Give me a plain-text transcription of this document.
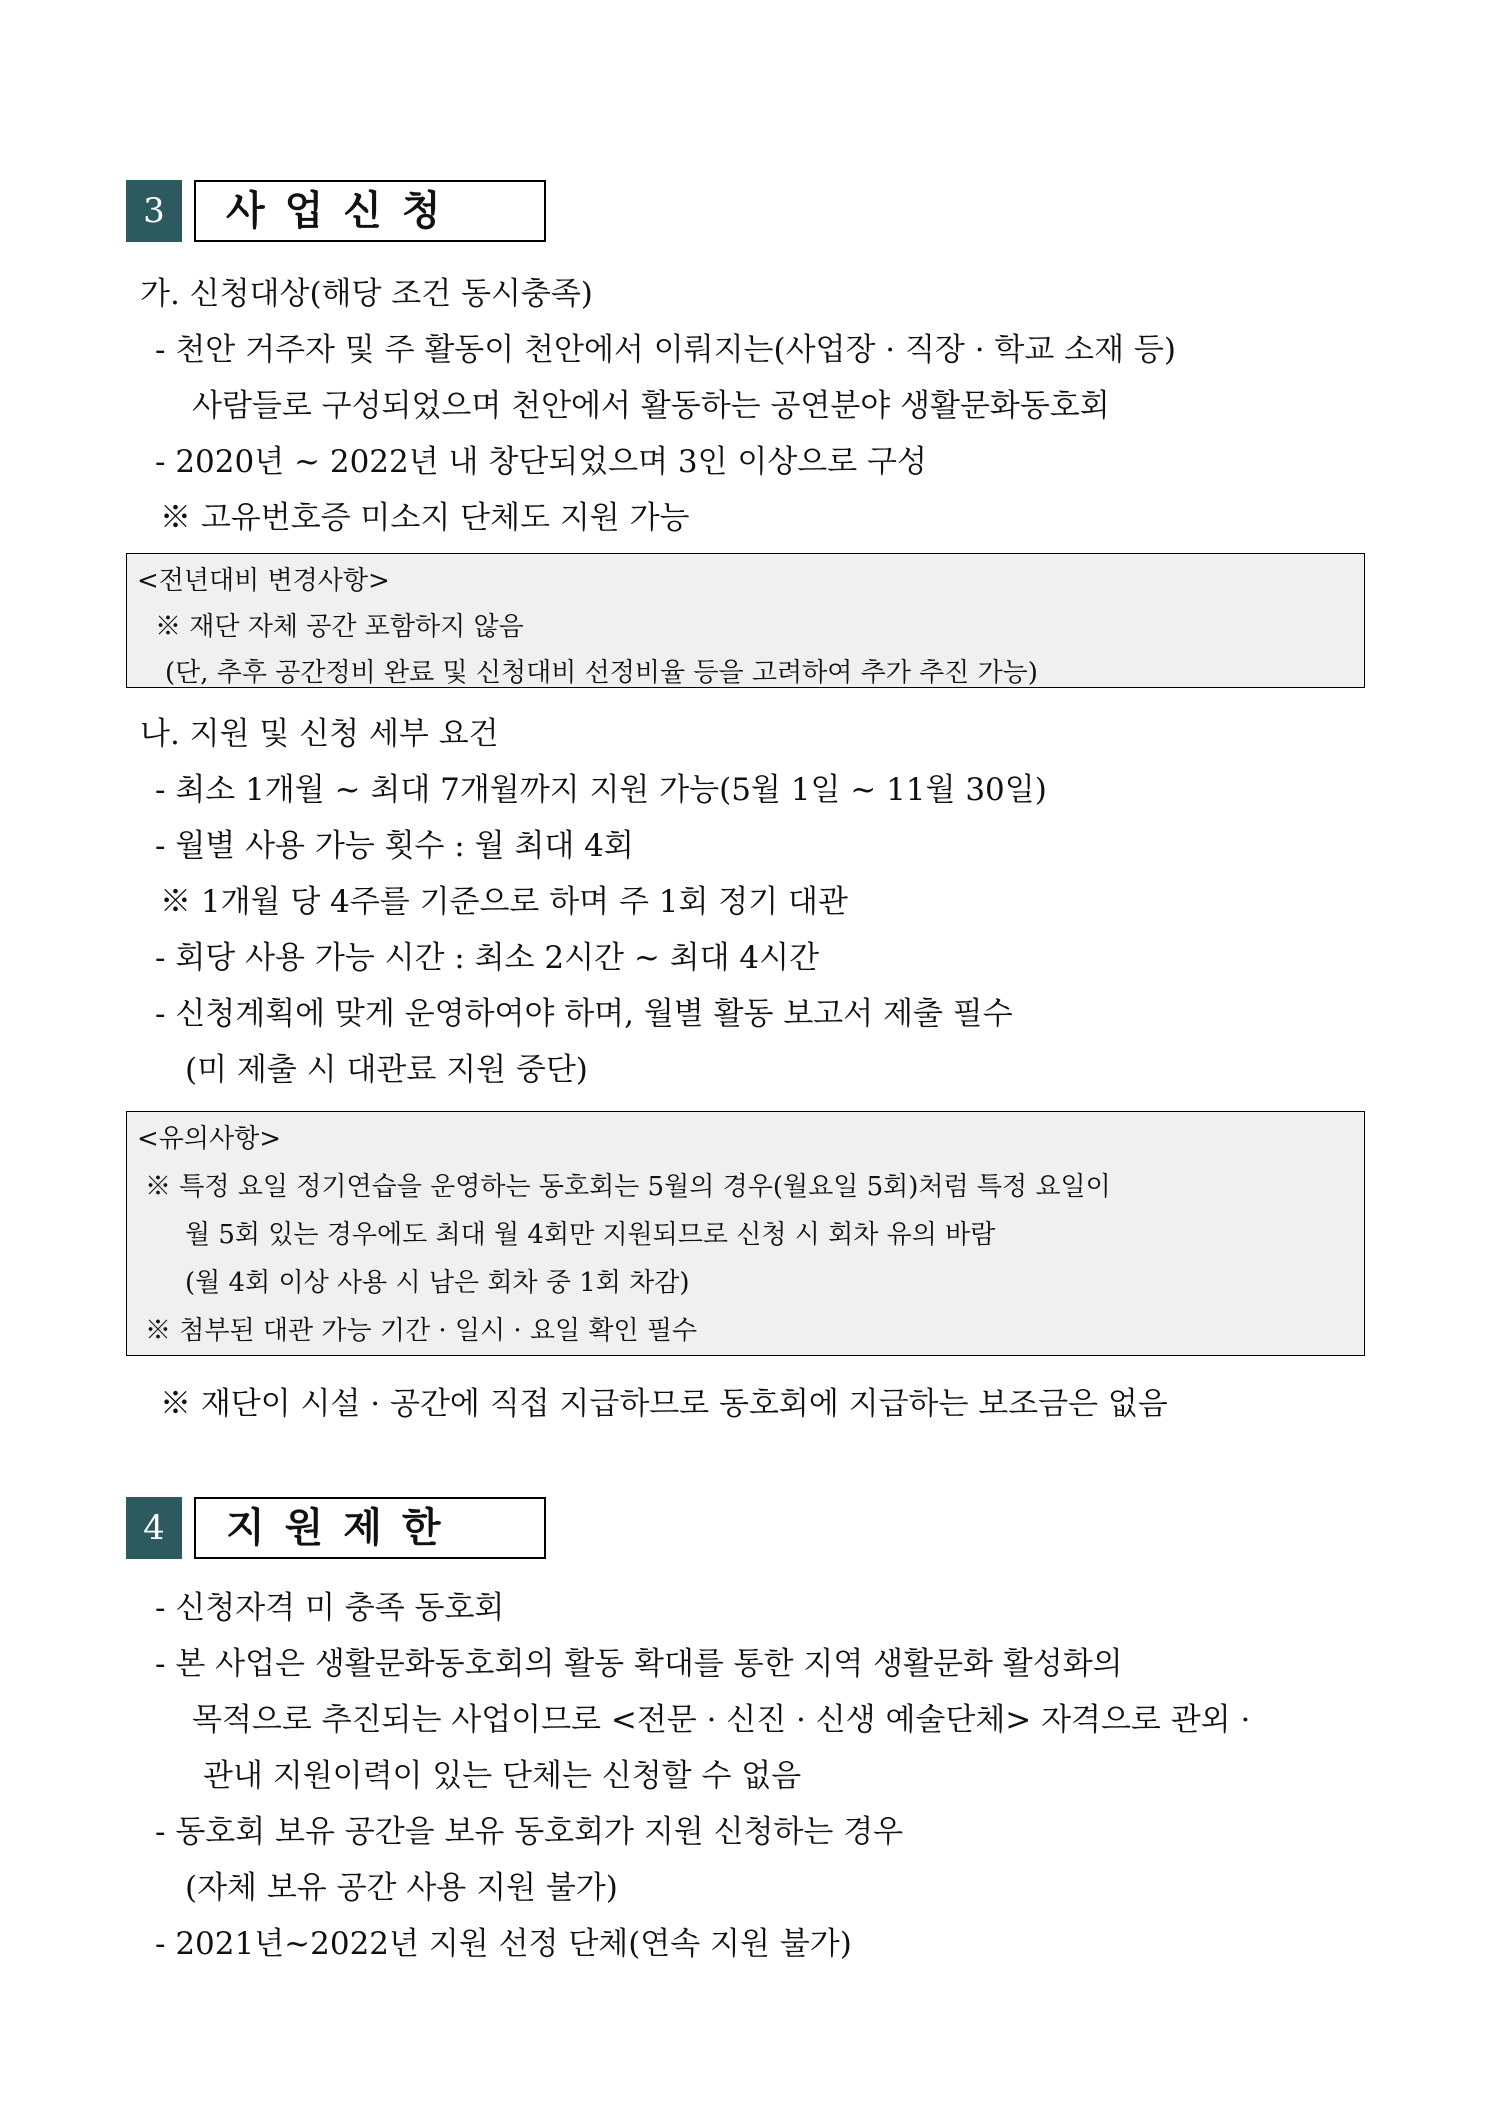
3	사업신청
가. 신청대상(해당 조건 동시충족)
- 천안 거주자 및 주 활동이 천안에서 이뤄지는(사업장 · 직장 · 학교 소재 등)
사람들로 구성되었으며 천안에서 활동하는 공연분야 생활문화동호회
- 2020년 ~ 2022년 내 창단되었으며 3인 이상으로 구성
※ 고유번호증 미소지 단체도 지원 가능
<전년대비 변경사항>
※ 재단 자체 공간 포함하지 않음
(단, 추후 공간정비 완료 및 신청대비 선정비율 등을 고려하여 추가 추진 가능)
나. 지원 및 신청 세부 요건
- 최소 1개월 ~ 최대 7개월까지 지원 가능(5월 1일 ~ 11월 30일)
- 월별 사용 가능 횟수 : 월 최대 4회
※ 1개월 당 4주를 기준으로 하며 주 1회 정기 대관
- 회당 사용 가능 시간 : 최소 2시간 ~ 최대 4시간
- 신청계획에 맞게 운영하여야 하며, 월별 활동 보고서 제출 필수
(미 제출 시 대관료 지원 중단)
<유의사항>
※ 특정 요일 정기연습을 운영하는 동호회는 5월의 경우(월요일 5회)처럼 특정 요일이
월 5회 있는 경우에도 최대 월 4회만 지원되므로 신청 시 회차 유의 바람
(월 4회 이상 사용 시 남은 회차 중 1회 차감)
※ 첨부된 대관 가능 기간 · 일시 · 요일 확인 필수
※ 재단이 시설 · 공간에 직접 지급하므로 동호회에 지급하는 보조금은 없음
4	지원제한
- 신청자격 미 충족 동호회
- 본 사업은 생활문화동호회의 활동 확대를 통한 지역 생활문화 활성화의
목적으로 추진되는 사업이므로 <전문 · 신진 · 신생 예술단체> 자격으로 관외 ·
관내 지원이력이 있는 단체는 신청할 수 없음
- 동호회 보유 공간을 보유 동호회가 지원 신청하는 경우
(자체 보유 공간 사용 지원 불가)
- 2021년~2022년 지원 선정 단체(연속 지원 불가)
